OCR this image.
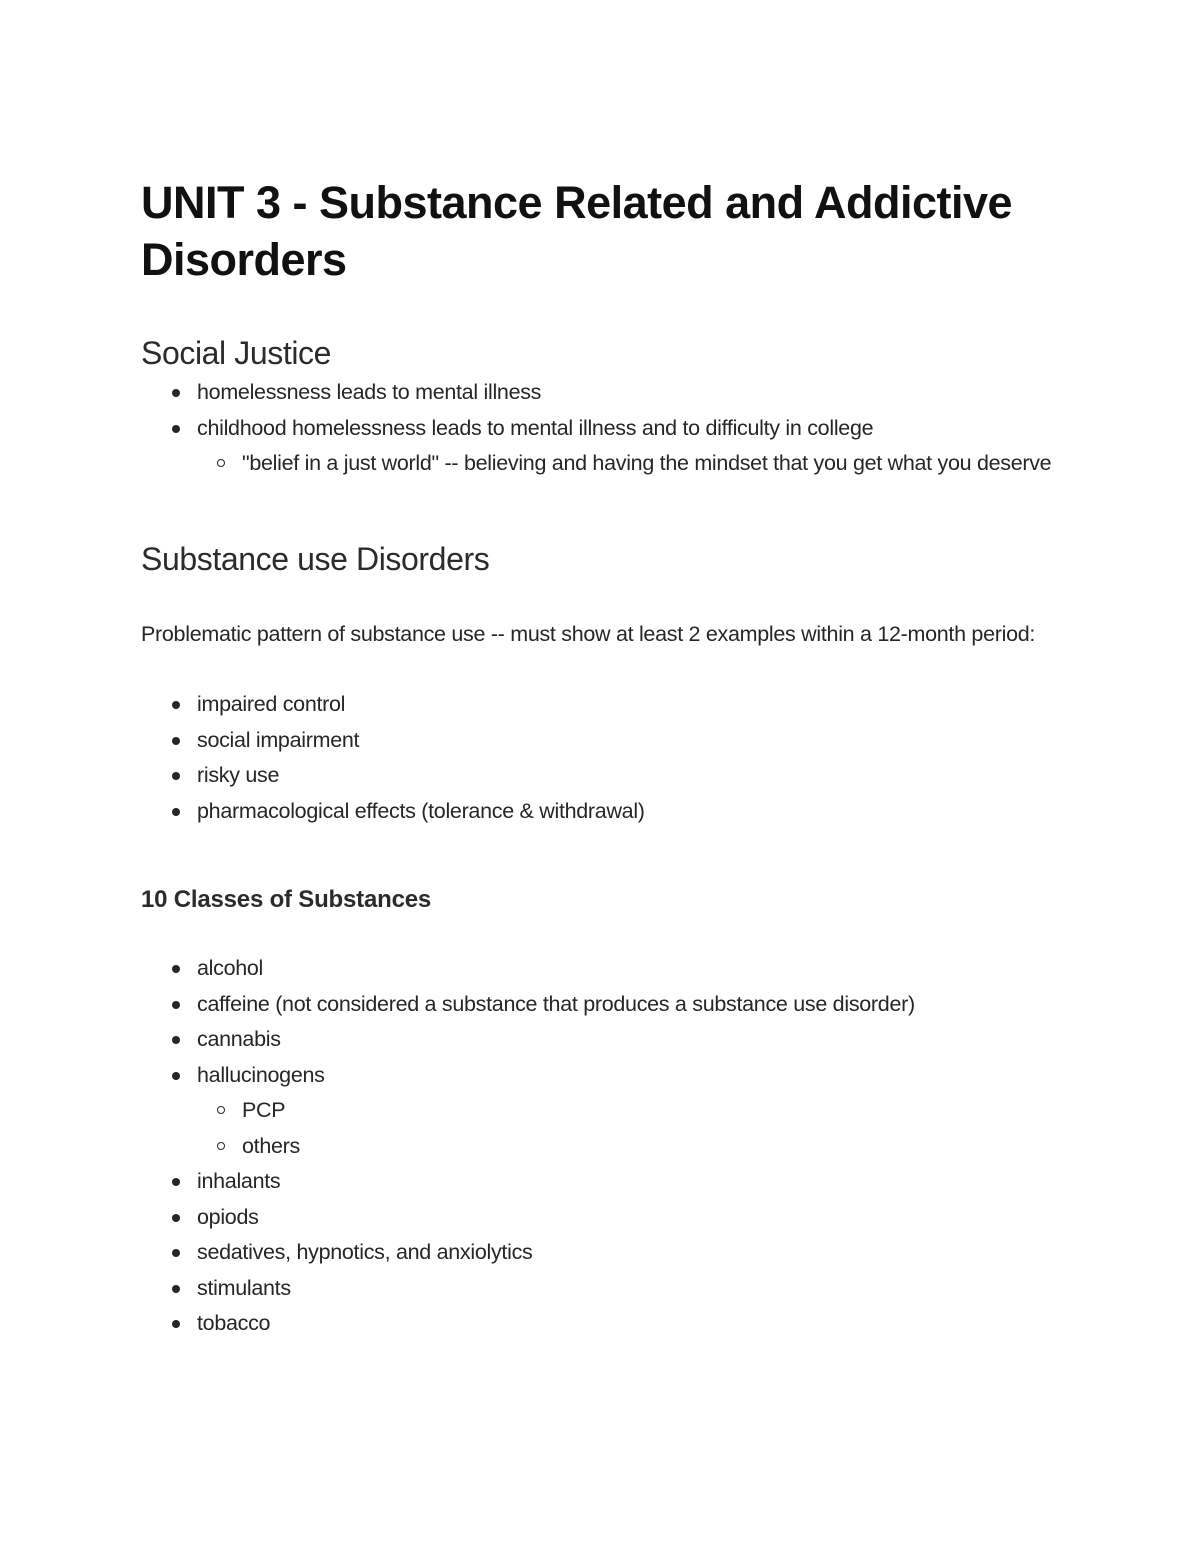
UNIT 3 - Substance Related and Addictive Disorders
Social Justice
homelessness leads to mental illness
childhood homelessness leads to mental illness and to difficulty in college
"belief in a just world" -- believing and having the mindset that you get what you deserve
Substance use Disorders

Problematic pattern of substance use -- must show at least 2 examples within a 12-month period:

impaired control
social impairment
risky use
pharmacological effects (tolerance & withdrawal)
10 Classes of Substances
alcohol
caffeine (not considered a substance that produces a substance use disorder)
cannabis
hallucinogens
PCP
others
inhalants
opiods
sedatives, hypnotics, and anxiolytics
stimulants
tobacco
